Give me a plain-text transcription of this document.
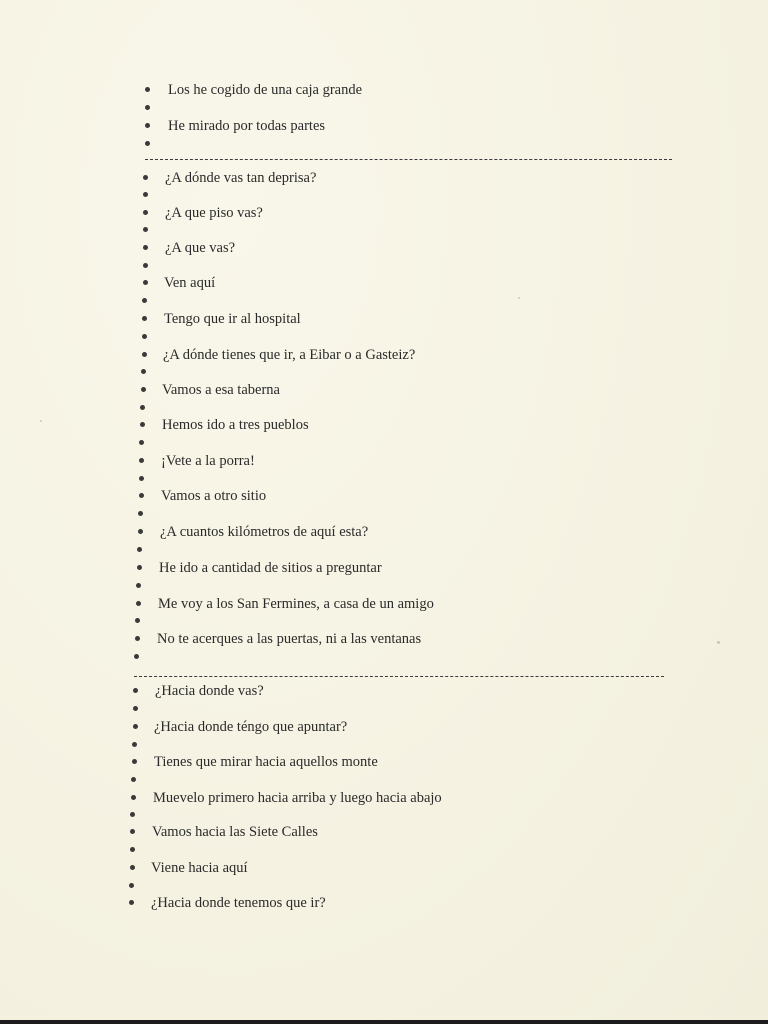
Los he cogido de una caja grande
He mirado por todas partes
¿A dónde vas tan deprisa?
¿A que piso vas?
¿A que vas?
Ven aquí
Tengo que ir al hospital
¿A dónde tienes que ir, a Eibar o a Gasteiz?
Vamos a esa taberna
Hemos ido a tres pueblos
¡Vete a la porra!
Vamos a otro sitio
¿A cuantos kilómetros de aquí esta?
He ido a cantidad de sitios a preguntar
Me voy a los San Fermines, a casa de un amigo
No te acerques a las puertas, ni a las ventanas
¿Hacia donde vas?
¿Hacia donde téngo que apuntar?
Tienes que mirar hacia aquellos monte
Muevelo primero hacia arriba y luego hacia abajo
Vamos hacia las Siete Calles
Viene hacia aquí
¿Hacia donde tenemos que ir?
